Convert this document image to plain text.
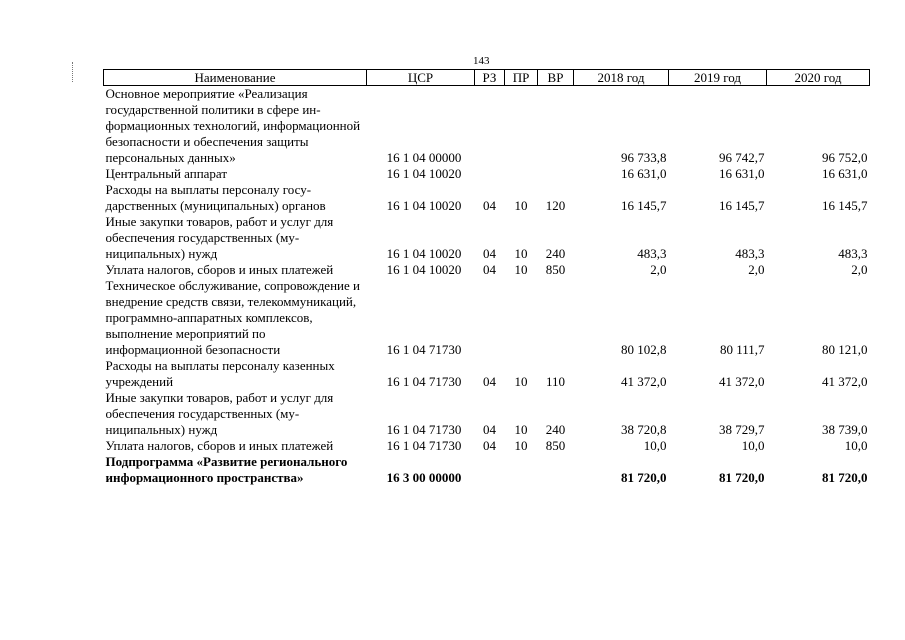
143
Наименование	ЦСР	РЗ	ПР	ВР	2018 год	2019 год	2020 год
Основное мероприятие «Реализация государственной политики в сфере информационных технологий, информационной безопасности и обеспечения защиты персональных данных»	16 1 04 00000				96 733,8	96 742,7	96 752,0
Центральный аппарат	16 1 04 10020				16 631,0	16 631,0	16 631,0
Расходы на выплаты персоналу государственных (муниципальных) органов	16 1 04 10020	04	10	120	16 145,7	16 145,7	16 145,7
Иные закупки товаров, работ и услуг для обеспечения государственных (муниципальных) нужд	16 1 04 10020	04	10	240	483,3	483,3	483,3
Уплата налогов, сборов и иных платежей	16 1 04 10020	04	10	850	2,0	2,0	2,0
Техническое обслуживание, сопровождение и внедрение средств связи, телекоммуникаций, программно-аппаратных комплексов, выполнение мероприятий по информационной безопасности	16 1 04 71730				80 102,8	80 111,7	80 121,0
Расходы на выплаты персоналу казенных учреждений	16 1 04 71730	04	10	110	41 372,0	41 372,0	41 372,0
Иные закупки товаров, работ и услуг для обеспечения государственных (муниципальных) нужд	16 1 04 71730	04	10	240	38 720,8	38 729,7	38 739,0
Уплата налогов, сборов и иных платежей	16 1 04 71730	04	10	850	10,0	10,0	10,0
Подпрограмма «Развитие регионального информационного пространства»	16 3 00 00000				81 720,0	81 720,0	81 720,0
